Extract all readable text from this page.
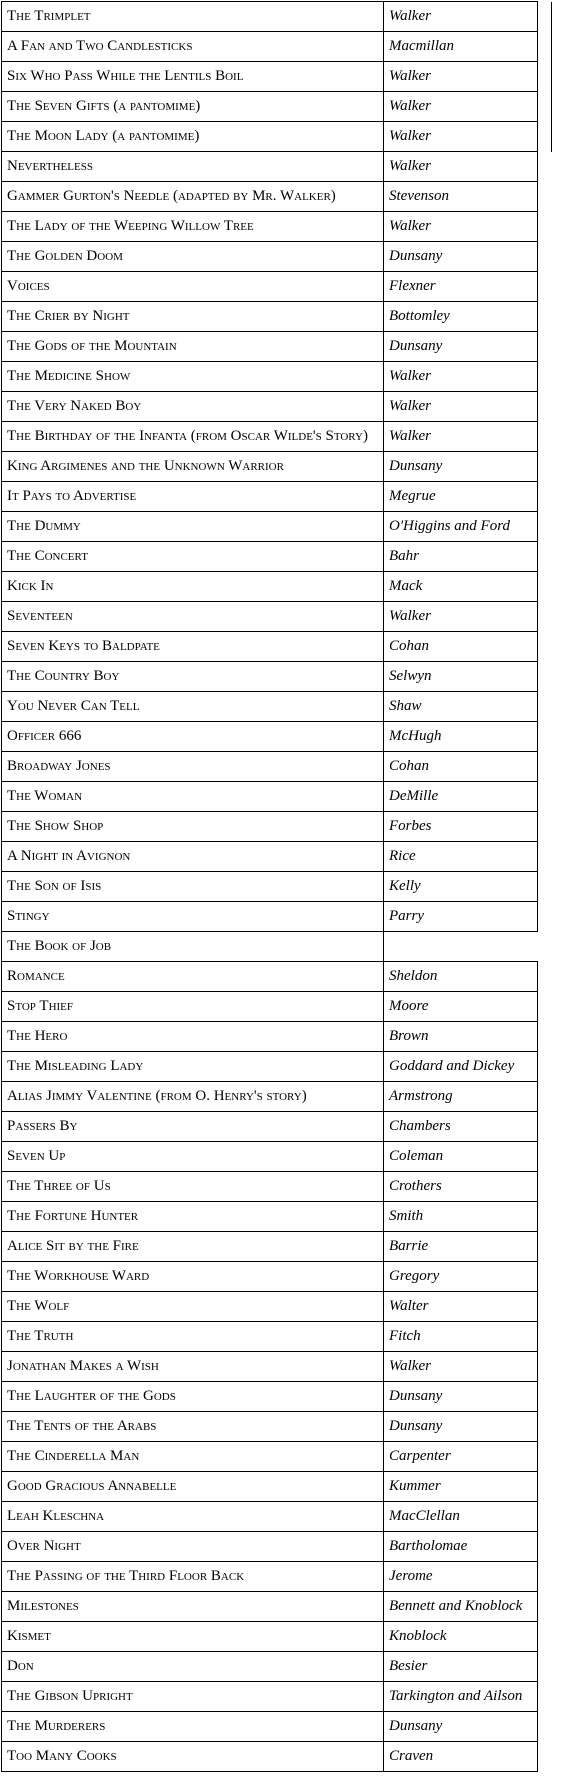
The Trimplet	Walker	
A Fan and Two Candlesticks	Macmillan	
Six Who Pass While the Lentils Boil	Walker	
The Seven Gifts (a pantomime)	Walker	
The Moon Lady (a pantomime)	Walker	
Nevertheless	Walker	
Gammer Gurton's Needle (adapted by Mr. Walker)	Stevenson	
The Lady of the Weeping Willow Tree	Walker	
The Golden Doom	Dunsany	
Voices	Flexner	
The Crier by Night	Bottomley	
The Gods of the Mountain	Dunsany	
The Medicine Show	Walker	
The Very Naked Boy	Walker	
The Birthday of the Infanta (from Oscar Wilde's Story)	Walker	
King Argimenes and the Unknown Warrior	Dunsany	
It Pays to Advertise	Megrue	
The Dummy	O'Higgins and Ford	
The Concert	Bahr	
Kick In	Mack	
Seventeen	Walker	
Seven Keys to Baldpate	Cohan	
The Country Boy	Selwyn	
You Never Can Tell	Shaw	
Officer 666	McHugh	
Broadway Jones	Cohan	
The Woman	DeMille	
The Show Shop	Forbes	
A Night in Avignon	Rice	
The Son of Isis	Kelly	
Stingy	Parry	
The Book of Job		
Romance	Sheldon	
Stop Thief	Moore	
The Hero	Brown	
The Misleading Lady	Goddard and Dickey	
Alias Jimmy Valentine (from O. Henry's story)	Armstrong	
Passers By	Chambers	
Seven Up	Coleman	
The Three of Us	Crothers	
The Fortune Hunter	Smith	
Alice Sit by the Fire	Barrie	
The Workhouse Ward	Gregory	
The Wolf	Walter	
The Truth	Fitch	
Jonathan Makes a Wish	Walker	
The Laughter of the Gods	Dunsany	
The Tents of the Arabs	Dunsany	
The Cinderella Man	Carpenter	
Good Gracious Annabelle	Kummer	
Leah Kleschna	MacClellan	
Over Night	Bartholomae	
The Passing of the Third Floor Back	Jerome	
Milestones	Bennett and Knoblock	
Kismet	Knoblock	
Don	Besier	
The Gibson Upright	Tarkington and Ailson	
The Murderers	Dunsany	
Too Many Cooks	Craven	
